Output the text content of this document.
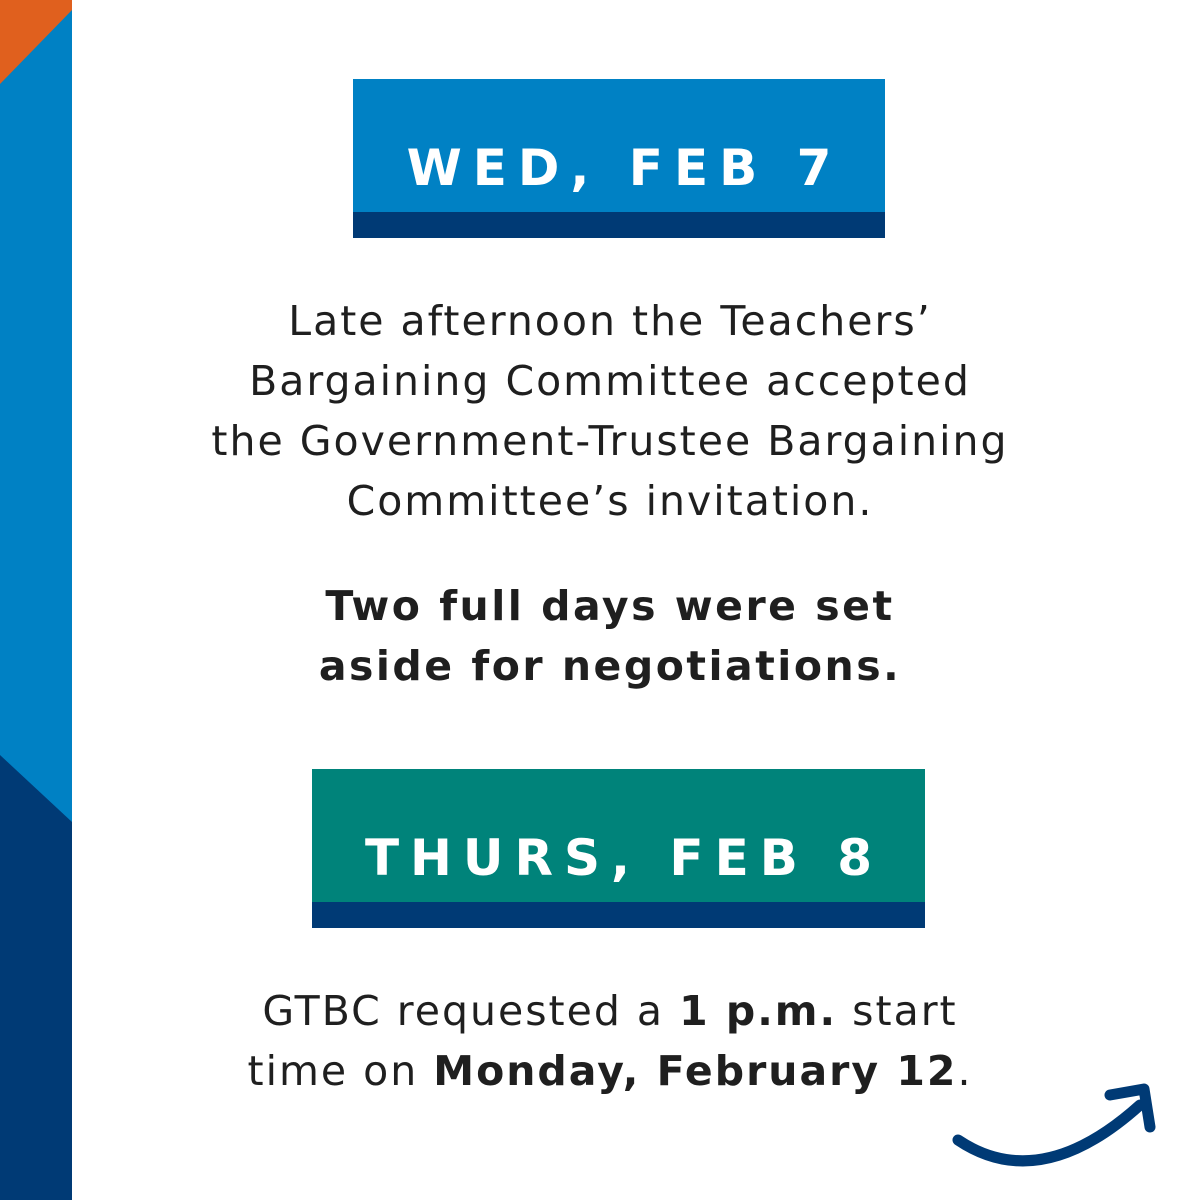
WED, FEB 7
Late afternoon the Teachers’
Bargaining Committee accepted
the Government-Trustee Bargaining
Committee’s invitation.
Two full days were set
aside for negotiations.
THURS, FEB 8
GTBC requested a 1 p.m. start
time on Monday, February 12.
